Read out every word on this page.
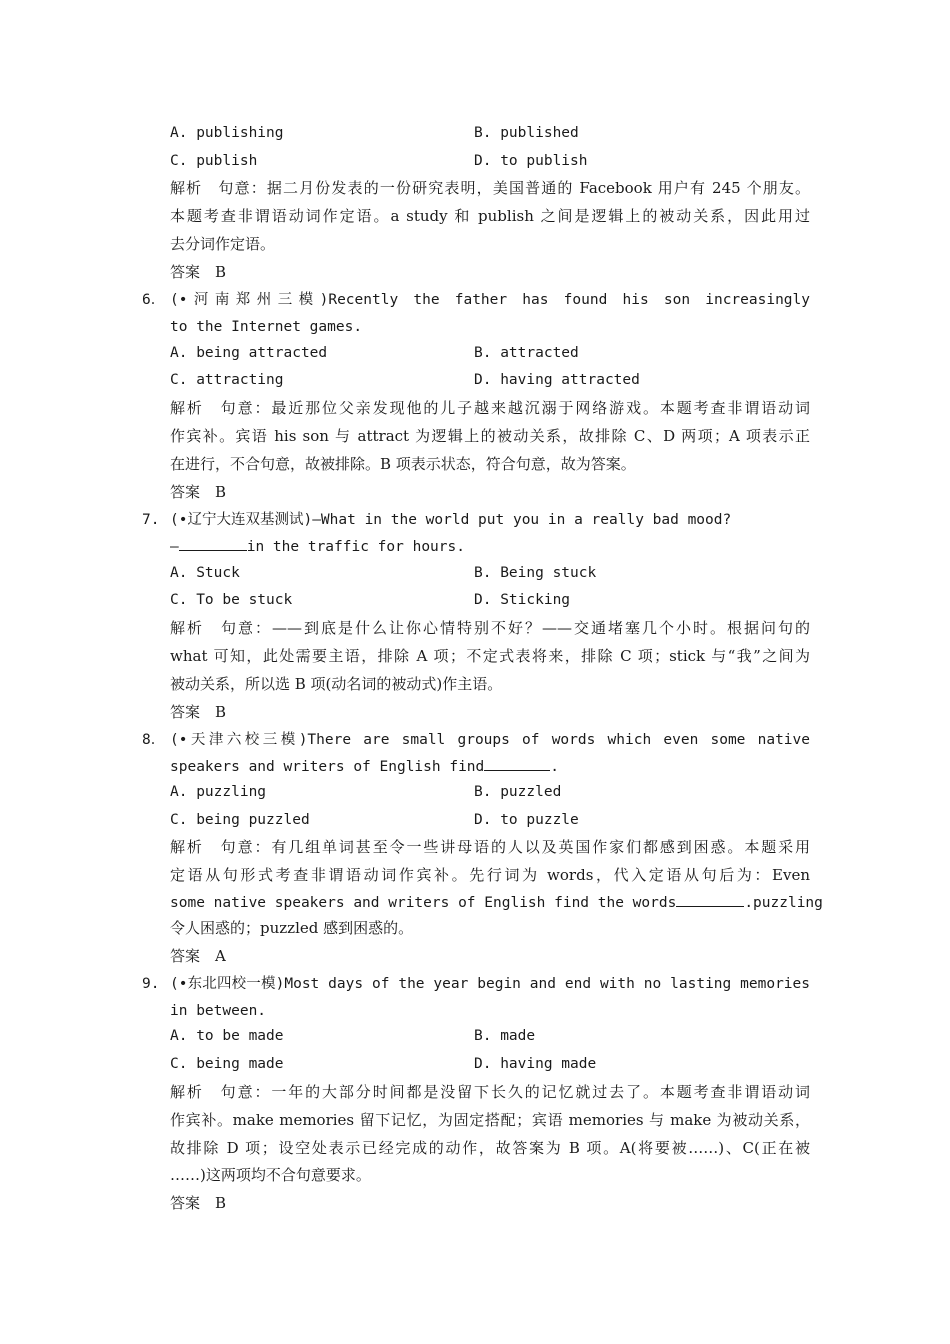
A. publishing	B. published
C. publish	D. to publish
解析　句意：据二月份发表的一份研究表明，美国普通的 Facebook 用户有 245 个朋友。
本题考查非谓语动词作定语。a study 和 publish 之间是逻辑上的被动关系，因此用过
去分词作定语。
答案　B
6． (•河南郑州三模)Recently the father has found his son increasingly
to the Internet games.
A. being attracted	B. attracted
C. attracting	D. having attracted
解析　句意：最近那位父亲发现他的儿子越来越沉溺于网络游戏。本题考查非谓语动词
作宾补。宾语 his son 与 attract 为逻辑上的被动关系，故排除 C、D 两项；A 项表示正
在进行，不合句意，故被排除。B 项表示状态，符合句意，故为答案。
答案　B
7. (•辽宁大连双基测试)—What in the world put you in a really bad mood?
—	in the traffic for hours.
A. Stuck	B. Being stuck
C. To be stuck	D. Sticking
解析　句意：——到底是什么让你心情特别不好？——交通堵塞几个小时。根据问句的
what 可知，此处需要主语，排除 A 项；不定式表将来，排除 C 项；stick 与“我”之间为
被动关系，所以选 B 项(动名词的被动式)作主语。
答案　B
8． (•天津六校三模)There are small groups of words which even some native
speakers and writers of English find	.
A. puzzling	B. puzzled
C. being puzzled	D. to puzzle
解析　句意：有几组单词甚至令一些讲母语的人以及英国作家们都感到困惑。本题采用
定语从句形式考查非谓语动词作宾补。先行词为 words，代入定语从句后为：Even
some native speakers and writers of English find the words	.puzzling
令人困惑的；puzzled 感到困惑的。
答案　A
9. (•东北四校一模)Most days of the year begin and end with no lasting memories
in between.
A. to be made	B. made
C. being made	D. having made
解析　句意：一年的大部分时间都是没留下长久的记忆就过去了。本题考查非谓语动词
作宾补。make memories 留下记忆，为固定搭配；宾语 memories 与 make 为被动关系，
故排除 D 项；设空处表示已经完成的动作，故答案为 B 项。A(将要被……)、C(正在被
……)这两项均不合句意要求。
答案　B
